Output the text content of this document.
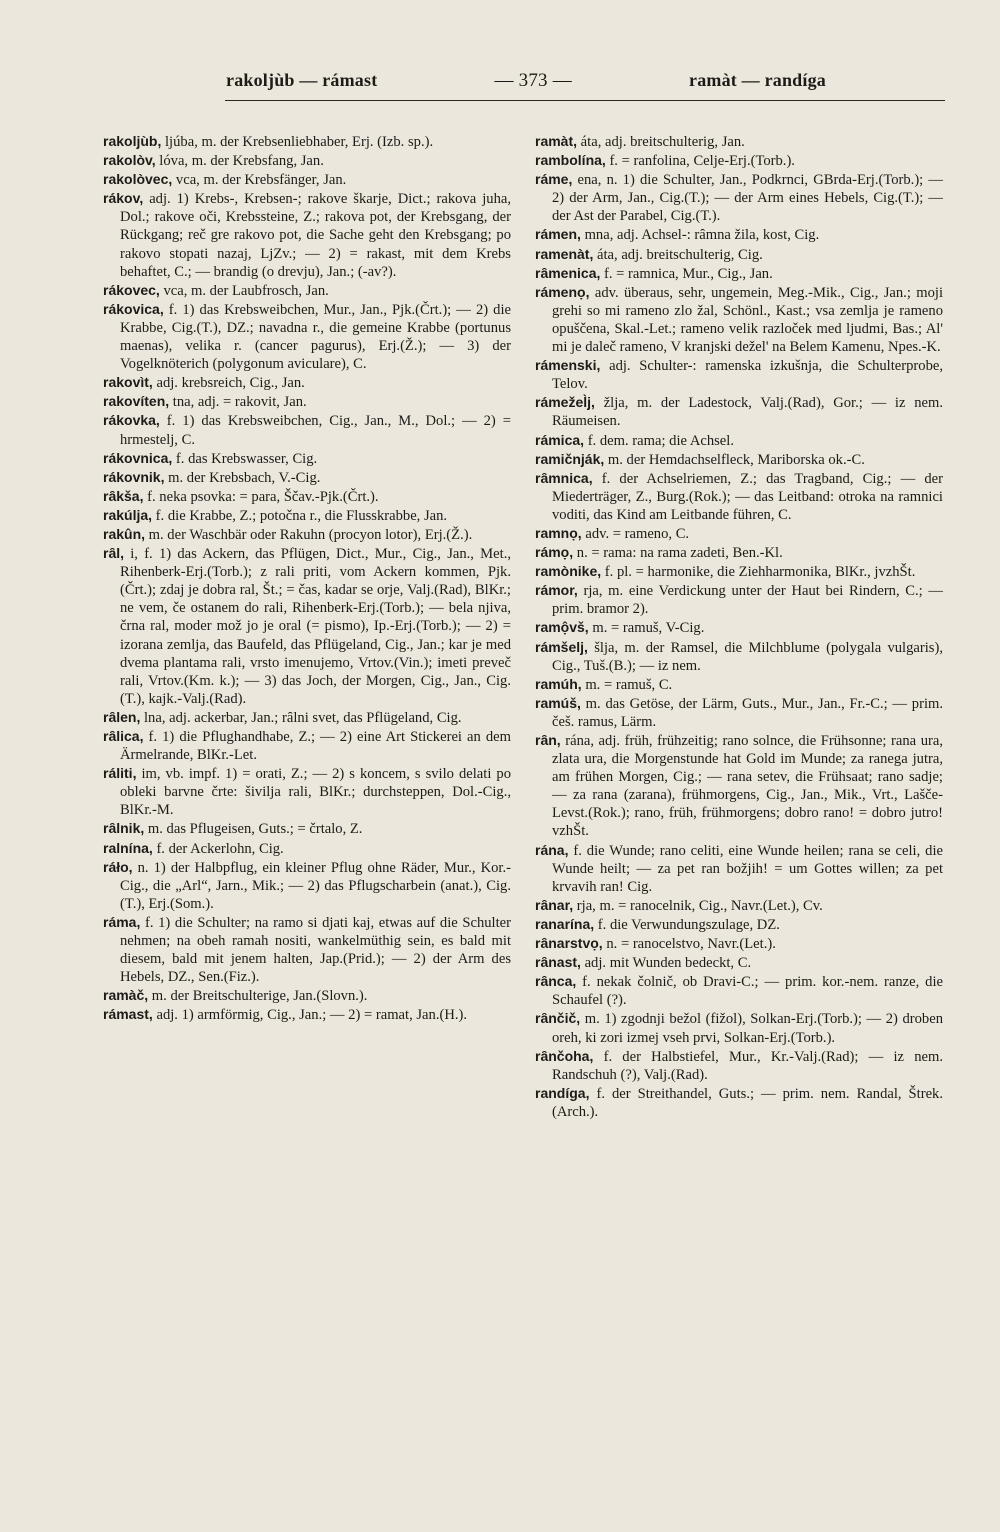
rakoljùb — rámast	— 373 —	ramàt — randíga

rakoljùb, ljúba, m. der Krebsenliebhaber, Erj. (Izb. sp.).

rakolòv, lóva, m. der Krebsfang, Jan.

rakolòvec, vca, m. der Krebsfänger, Jan.

rákov, adj. 1) Krebs-, Krebsen-; rakove škarje, Dict.; rakova juha, Dol.; rakove oči, Krebssteine, Z.; rakova pot, der Krebsgang, der Rückgang; reč gre rakovo pot, die Sache geht den Krebsgang; po rakovo stopati nazaj, LjZv.; — 2) = rakast, mit dem Krebs behaftet, C.; — brandig (o drevju), Jan.; (-av?).

rákovec, vca, m. der Laubfrosch, Jan.

rákovica, f. 1) das Krebsweibchen, Mur., Jan., Pjk.(Črt.); — 2) die Krabbe, Cig.(T.), DZ.; navadna r., die gemeine Krabbe (portunus maenas), velika r. (cancer pagurus), Erj.(Ž.); — 3) der Vogelknöterich (polygonum aviculare), C.

rakovìt, adj. krebsreich, Cig., Jan.

rakovíten, tna, adj. = rakovit, Jan.

rákovka, f. 1) das Krebsweibchen, Cig., Jan., M., Dol.; — 2) = hrmestelj, C.

rákovnica, f. das Krebswasser, Cig.

rákovnik, m. der Krebsbach, V.-Cig.

rȃkša, f. neka psovka: = para, Ščav.-Pjk.(Črt.).

rakúlja, f. die Krabbe, Z.; potočna r., die Flusskrabbe, Jan.

rakûn, m. der Waschbär oder Rakuhn (procyon lotor), Erj.(Ž.).

rȃl, i, f. 1) das Ackern, das Pflügen, Dict., Mur., Cig., Jan., Met., Rihenberk-Erj.(Torb.); z rali priti, vom Ackern kommen, Pjk.(Črt.); zdaj je dobra ral, Št.; = čas, kadar se orje, Valj.(Rad), BlKr.; ne vem, če ostanem do rali, Rihenberk-Erj.(Torb.); — bela njiva, črna ral, moder mož jo je oral (= pismo), Ip.-Erj.(Torb.); — 2) = izorana zemlja, das Baufeld, das Pflügeland, Cig., Jan.; kar je med dvema plantama rali, vrsto imenujemo, Vrtov.(Vin.); imeti preveč rali, Vrtov.(Km. k.); — 3) das Joch, der Morgen, Cig., Jan., Cig.(T.), kajk.-Valj.(Rad).

rȃlen, lna, adj. ackerbar, Jan.; rȃlni svet, das Pflügeland, Cig.

rȃlica, f. 1) die Pflughandhabe, Z.; — 2) eine Art Stickerei an dem Ärmelrande, BlKr.-Let.

ráliti, im, vb. impf. 1) = orati, Z.; — 2) s koncem, s svilo delati po obleki barvne črte: šivilja rali, BlKr.; durchsteppen, Dol.-Cig., BlKr.-M.

rȃlnik, m. das Pflugeisen, Guts.; = črtalo, Z.

ralnína, f. der Ackerlohn, Cig.

ráło, n. 1) der Halbpflug, ein kleiner Pflug ohne Räder, Mur., Kor.-Cig., die „Arl“, Jarn., Mik.; — 2) das Pflugscharbein (anat.), Cig.(T.), Erj.(Som.).

ráma, f. 1) die Schulter; na ramo si djati kaj, etwas auf die Schulter nehmen; na obeh ramah nositi, wankelmüthig sein, es bald mit diesem, bald mit jenem halten, Jap.(Prid.); — 2) der Arm des Hebels, DZ., Sen.(Fiz.).

ramàč, m. der Breitschulterige, Jan.(Slovn.).

rámast, adj. 1) armförmig, Cig., Jan.; — 2) = ramat, Jan.(H.).

ramàt, áta, adj. breitschulterig, Jan.

rambolína, f. = ranfolina, Celje-Erj.(Torb.).

ráme, ena, n. 1) die Schulter, Jan., Podkrnci, GBrda-Erj.(Torb.); — 2) der Arm, Jan., Cig.(T.); — der Arm eines Hebels, Cig.(T.); — der Ast der Parabel, Cig.(T.).

rámen, mna, adj. Achsel-: rȃmna žila, kost, Cig.

ramenàt, áta, adj. breitschulterig, Cig.

rȃmenica, f. = ramnica, Mur., Cig., Jan.

rámenọ, adv. überaus, sehr, ungemein, Meg.-Mik., Cig., Jan.; moji grehi so mi rameno zlo žal, Schönl., Kast.; vsa zemlja je rameno opuščena, Skal.-Let.; rameno velik razloček med ljudmi, Bas.; Al' mi je dalеč rameno, V kranjski dežel' na Belem Kamenu, Npes.-K.

rámenski, adj. Schulter-: ramenska izkušnja, die Schulterprobe, Telov.

rámežel̀j, žlja, m. der Ladestock, Valj.(Rad), Gor.; — iz nem. Räumeisen.

rámica, f. dem. rama; die Achsel.

ramičnják, m. der Hemdachselfleck, Mariborska ok.-C.

rȃmnica, f. der Achselriemen, Z.; das Tragband, Cig.; — der Miederträger, Z., Burg.(Rok.); — das Leitband: otroka na ramnici voditi, das Kind am Leitbande führen, C.

ramnọ, adv. = rameno, C.

rámọ, n. = rama: na rama zadeti, Ben.-Kl.

ramònike, f. pl. = harmonike, die Ziehharmonika, BlKr., jvzhŠt.

rámor, rja, m. eine Verdickung unter der Haut bei Rindern, C.; — prim. bramor 2).

ramộvš, m. = ramuš, V-Cig.

rámšelj, šlja, m. der Ramsel, die Milchblume (polygala vulgaris), Cig., Tuš.(B.); — iz nem.

ramúh, m. = ramuš, C.

ramúš, m. das Getöse, der Lärm, Guts., Mur., Jan., Fr.-C.; — prim. češ. ramus, Lärm.

rȃn, rána, adj. früh, frühzeitig; rano solnce, die Frühsonne; rana ura, zlata ura, die Morgenstunde hat Gold im Munde; za ranega jutra, am frühen Morgen, Cig.; — rana setev, die Frühsaat; rano sadje; — za rana (zarana), frühmorgens, Cig., Jan., Mik., Vrt., Lašče-Levst.(Rok.); rano, früh, frühmorgens; dobro rano! = dobro jutro! vzhŠt.

rána, f. die Wunde; rano celiti, eine Wunde heilen; rana se celi, die Wunde heilt; — za pet ran božjih! = um Gottes willen; za pet krvavih ran! Cig.

rȃnar, rja, m. = ranocelnik, Cig., Navr.(Let.), Cv.

ranarína, f. die Verwundungszulage, DZ.

rȃnarstvọ, n. = ranocelstvo, Navr.(Let.).

rȃnast, adj. mit Wunden bedeckt, C.

rȃnca, f. nekak čolnič, ob Dravi-C.; — prim. kor.-nem. ranze, die Schaufel (?).

rȃnčič, m. 1) zgodnji bežol (fižol), Solkan-Erj.(Torb.); — 2) droben oreh, ki zori izmej vseh prvi, Solkan-Erj.(Torb.).

rȃnčoha, f. der Halbstiefel, Mur., Kr.-Valj.(Rad); — iz nem. Randschuh (?), Valj.(Rad).

randíga, f. der Streithandel, Guts.; — prim. nem. Randal, Štrek.(Arch.).
